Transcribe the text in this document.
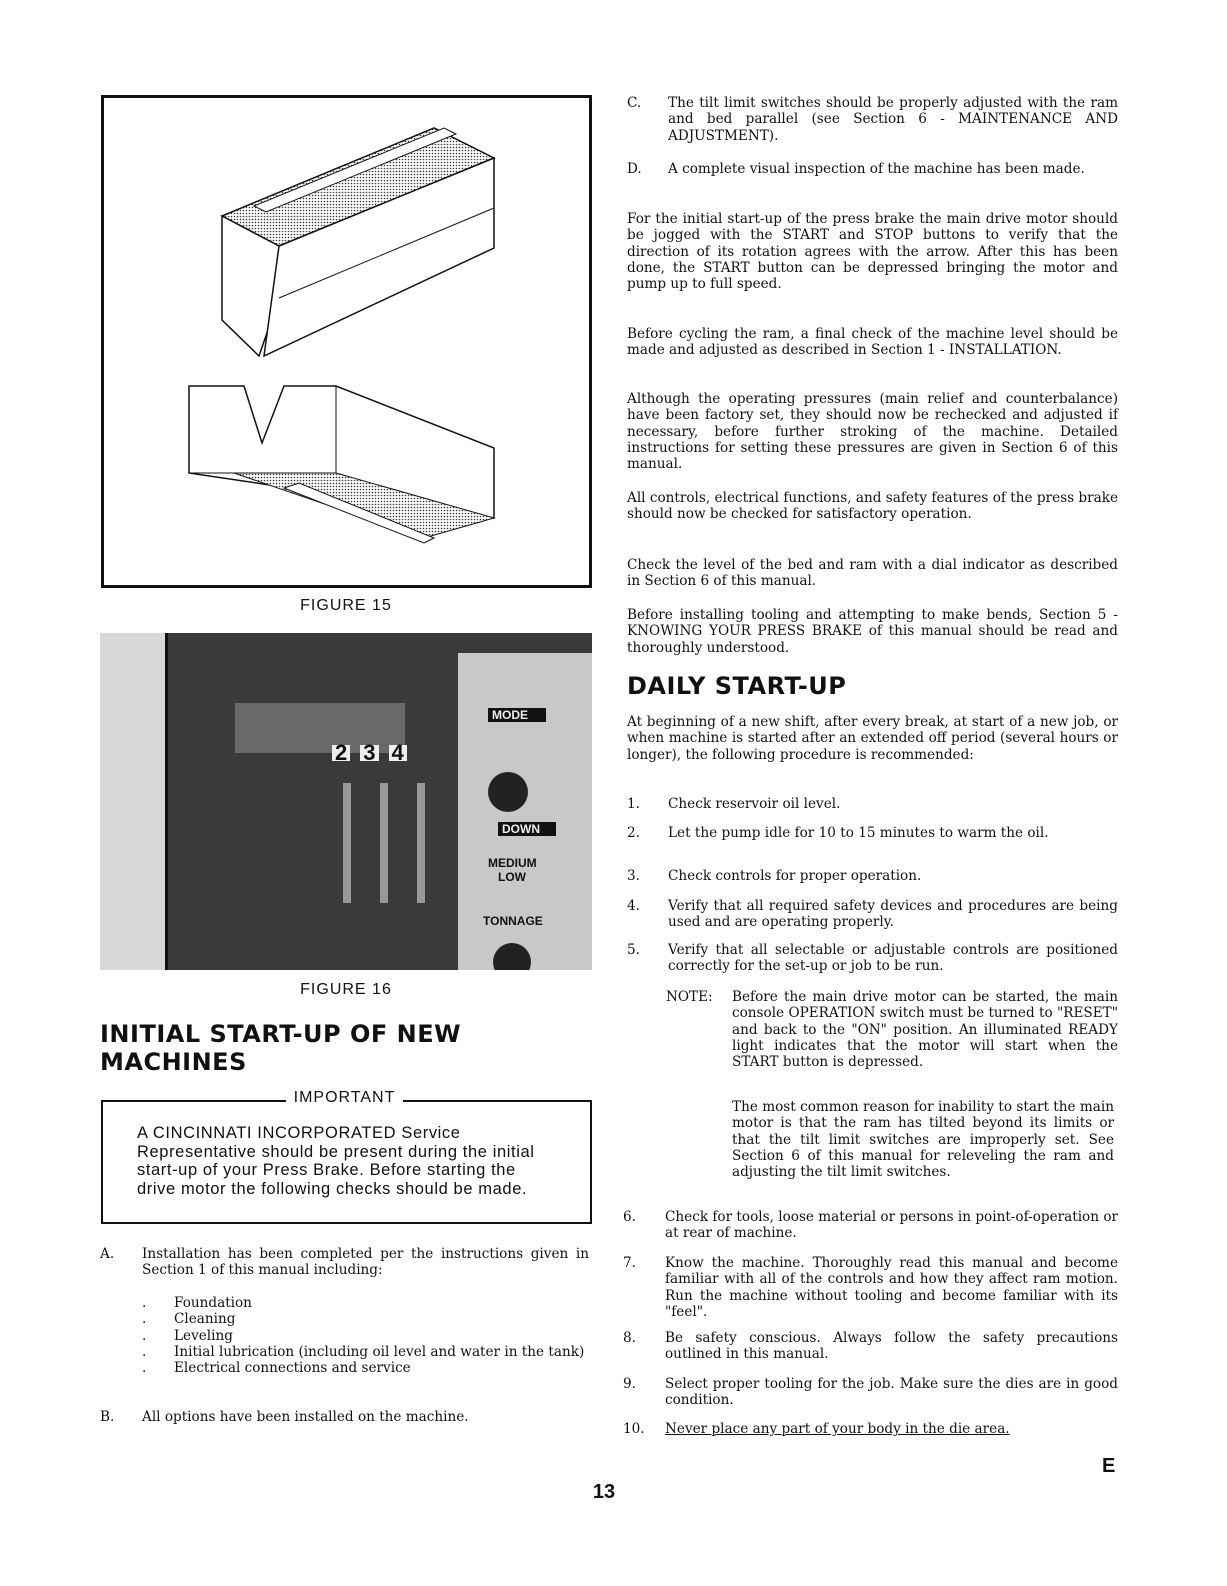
FIGURE 15
2 3 4
MODE
DOWN
MEDIUM
LOW
TONNAGE
FIGURE 16
INITIAL START-UP OF NEW MACHINES
IMPORTANT
A CINCINNATI INCORPORATED Service Representative should be present during the initial start-up of your Press Brake. Before starting the drive motor the following checks should be made.
A.	Installation has been completed per the instructions given in Section 1 of this manual including:
.	Foundation
.	Cleaning
.	Leveling
.	Initial lubrication (including oil level and water in the tank)
.	Electrical connections and service
B.	All options have been installed on the machine.
C.	The tilt limit switches should be properly adjusted with the ram and bed parallel (see Section 6 - MAINTENANCE AND ADJUSTMENT).
D.	A complete visual inspection of the machine has been made.
For the initial start-up of the press brake the main drive motor should be jogged with the START and STOP buttons to verify that the direction of its rotation agrees with the arrow. After this has been done, the START button can be depressed bringing the motor and pump up to full speed.
Before cycling the ram, a final check of the machine level should be made and adjusted as described in Section 1 - INSTALLATION.
Although the operating pressures (main relief and counterbalance) have been factory set, they should now be rechecked and adjusted if necessary, before further stroking of the machine. Detailed instructions for setting these pressures are given in Section 6 of this manual.
All controls, electrical functions, and safety features of the press brake should now be checked for satisfactory operation.
Check the level of the bed and ram with a dial indicator as described in Section 6 of this manual.
Before installing tooling and attempting to make bends, Section 5 - KNOWING YOUR PRESS BRAKE of this manual should be read and thoroughly understood.
DAILY START-UP
At beginning of a new shift, after every break, at start of a new job, or when machine is started after an extended off period (several hours or longer), the following procedure is recommended:
1.	Check reservoir oil level.
2.	Let the pump idle for 10 to 15 minutes to warm the oil.
3.	Check controls for proper operation.
4.	Verify that all required safety devices and procedures are being used and are operating properly.
5.	Verify that all selectable or adjustable controls are positioned correctly for the set-up or job to be run.
NOTE:	Before the main drive motor can be started, the main console OPERATION switch must be turned to "RESET" and back to the "ON" position. An illuminated READY light indicates that the motor will start when the START button is depressed.
The most common reason for inability to start the main motor is that the ram has tilted beyond its limits or that the tilt limit switches are improperly set. See Section 6 of this manual for releveling the ram and adjusting the tilt limit switches.
6.	Check for tools, loose material or persons in point-of-operation or at rear of machine.
7.	Know the machine. Thoroughly read this manual and become familiar with all of the controls and how they affect ram motion. Run the machine without tooling and become familiar with its "feel".
8.	Be safety conscious. Always follow the safety precautions outlined in this manual.
9.	Select proper tooling for the job. Make sure the dies are in good condition.
10.	Never place any part of your body in the die area.
E
13
